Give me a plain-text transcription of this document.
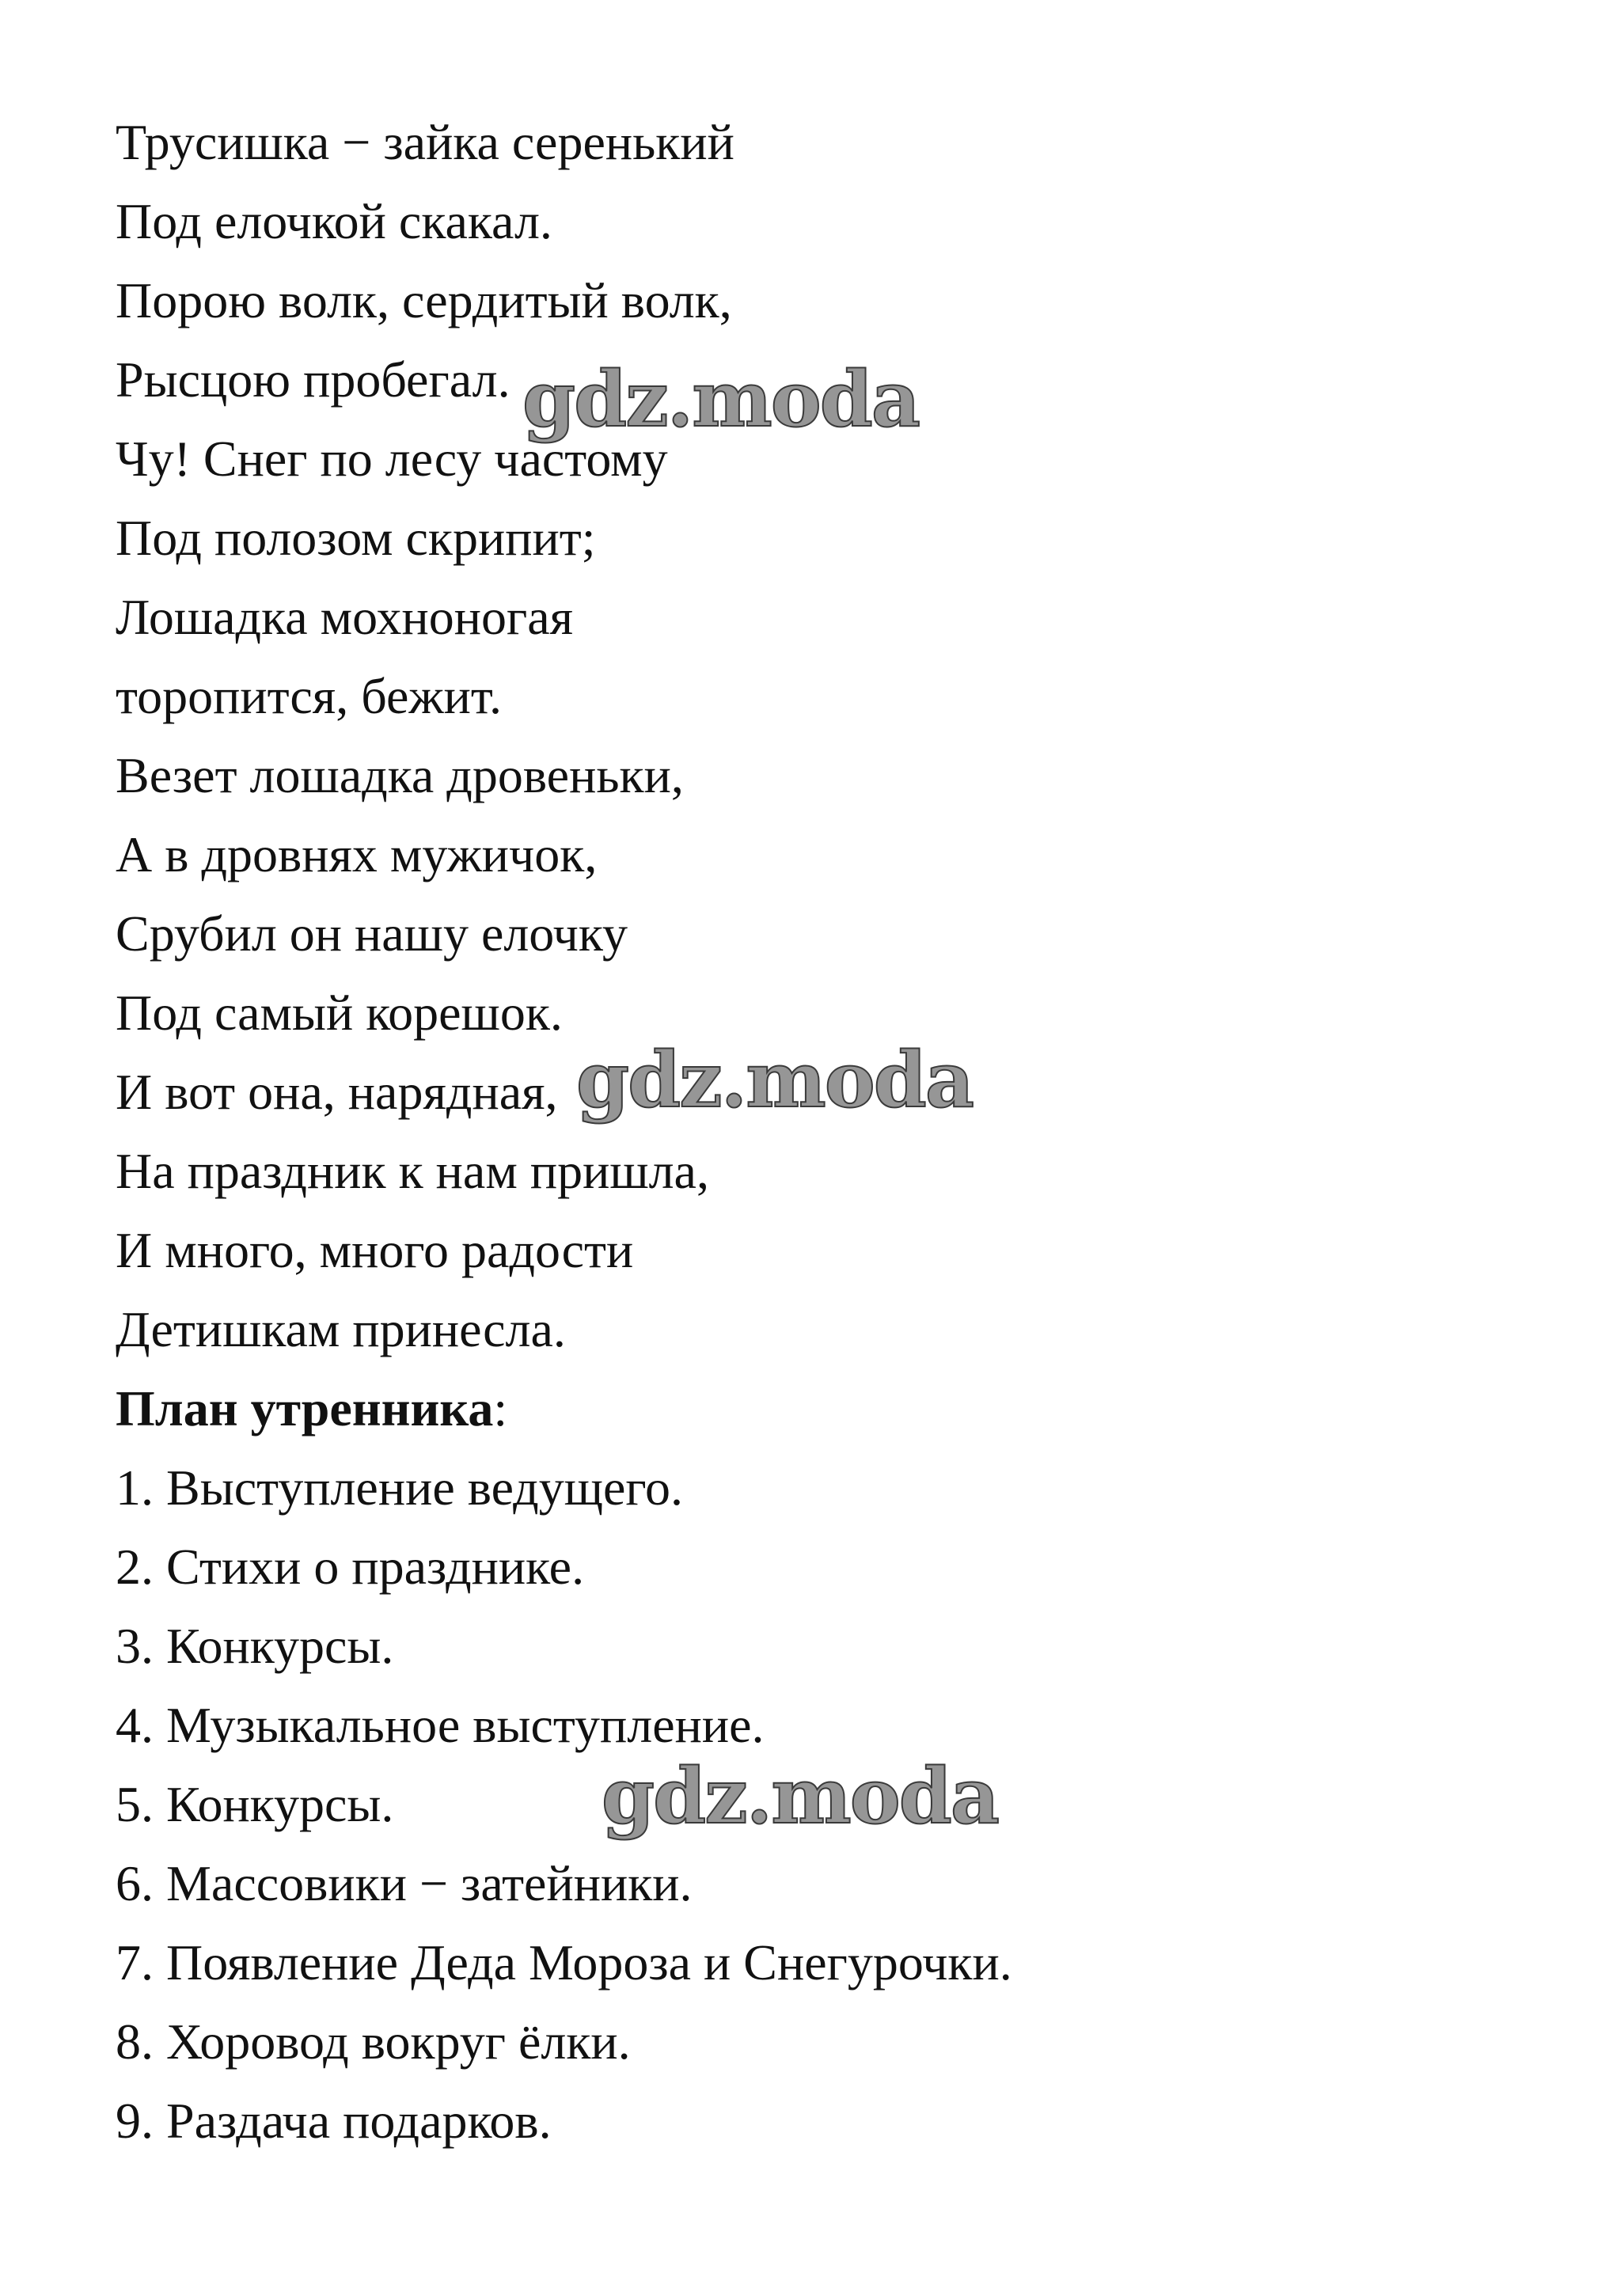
Трусишка − зайка серенький

Под елочкой скакал.

Порою волк, сердитый волк,

Рысцою пробегал.

Чу! Снег по лесу частому

Под полозом скрипит;

Лошадка мохноногая

торопится, бежит.

Везет лошадка дровеньки,

А в дровнях мужичок,

Срубил он нашу елочку

Под самый корешок.

И вот она, нарядная,

На праздник к нам пришла,

И много, много радости

Детишкам принесла.

План утренника:

1. Выступление ведущего.

2. Стихи о празднике.

3. Конкурсы.

4. Музыкальное выступление.

5. Конкурсы.

6. Массовики − затейники.

7. Появление Деда Мороза и Снегурочки.

8. Хоровод вокруг ёлки.

9. Раздача подарков.

gdz.moda

gdz.moda

gdz.moda
